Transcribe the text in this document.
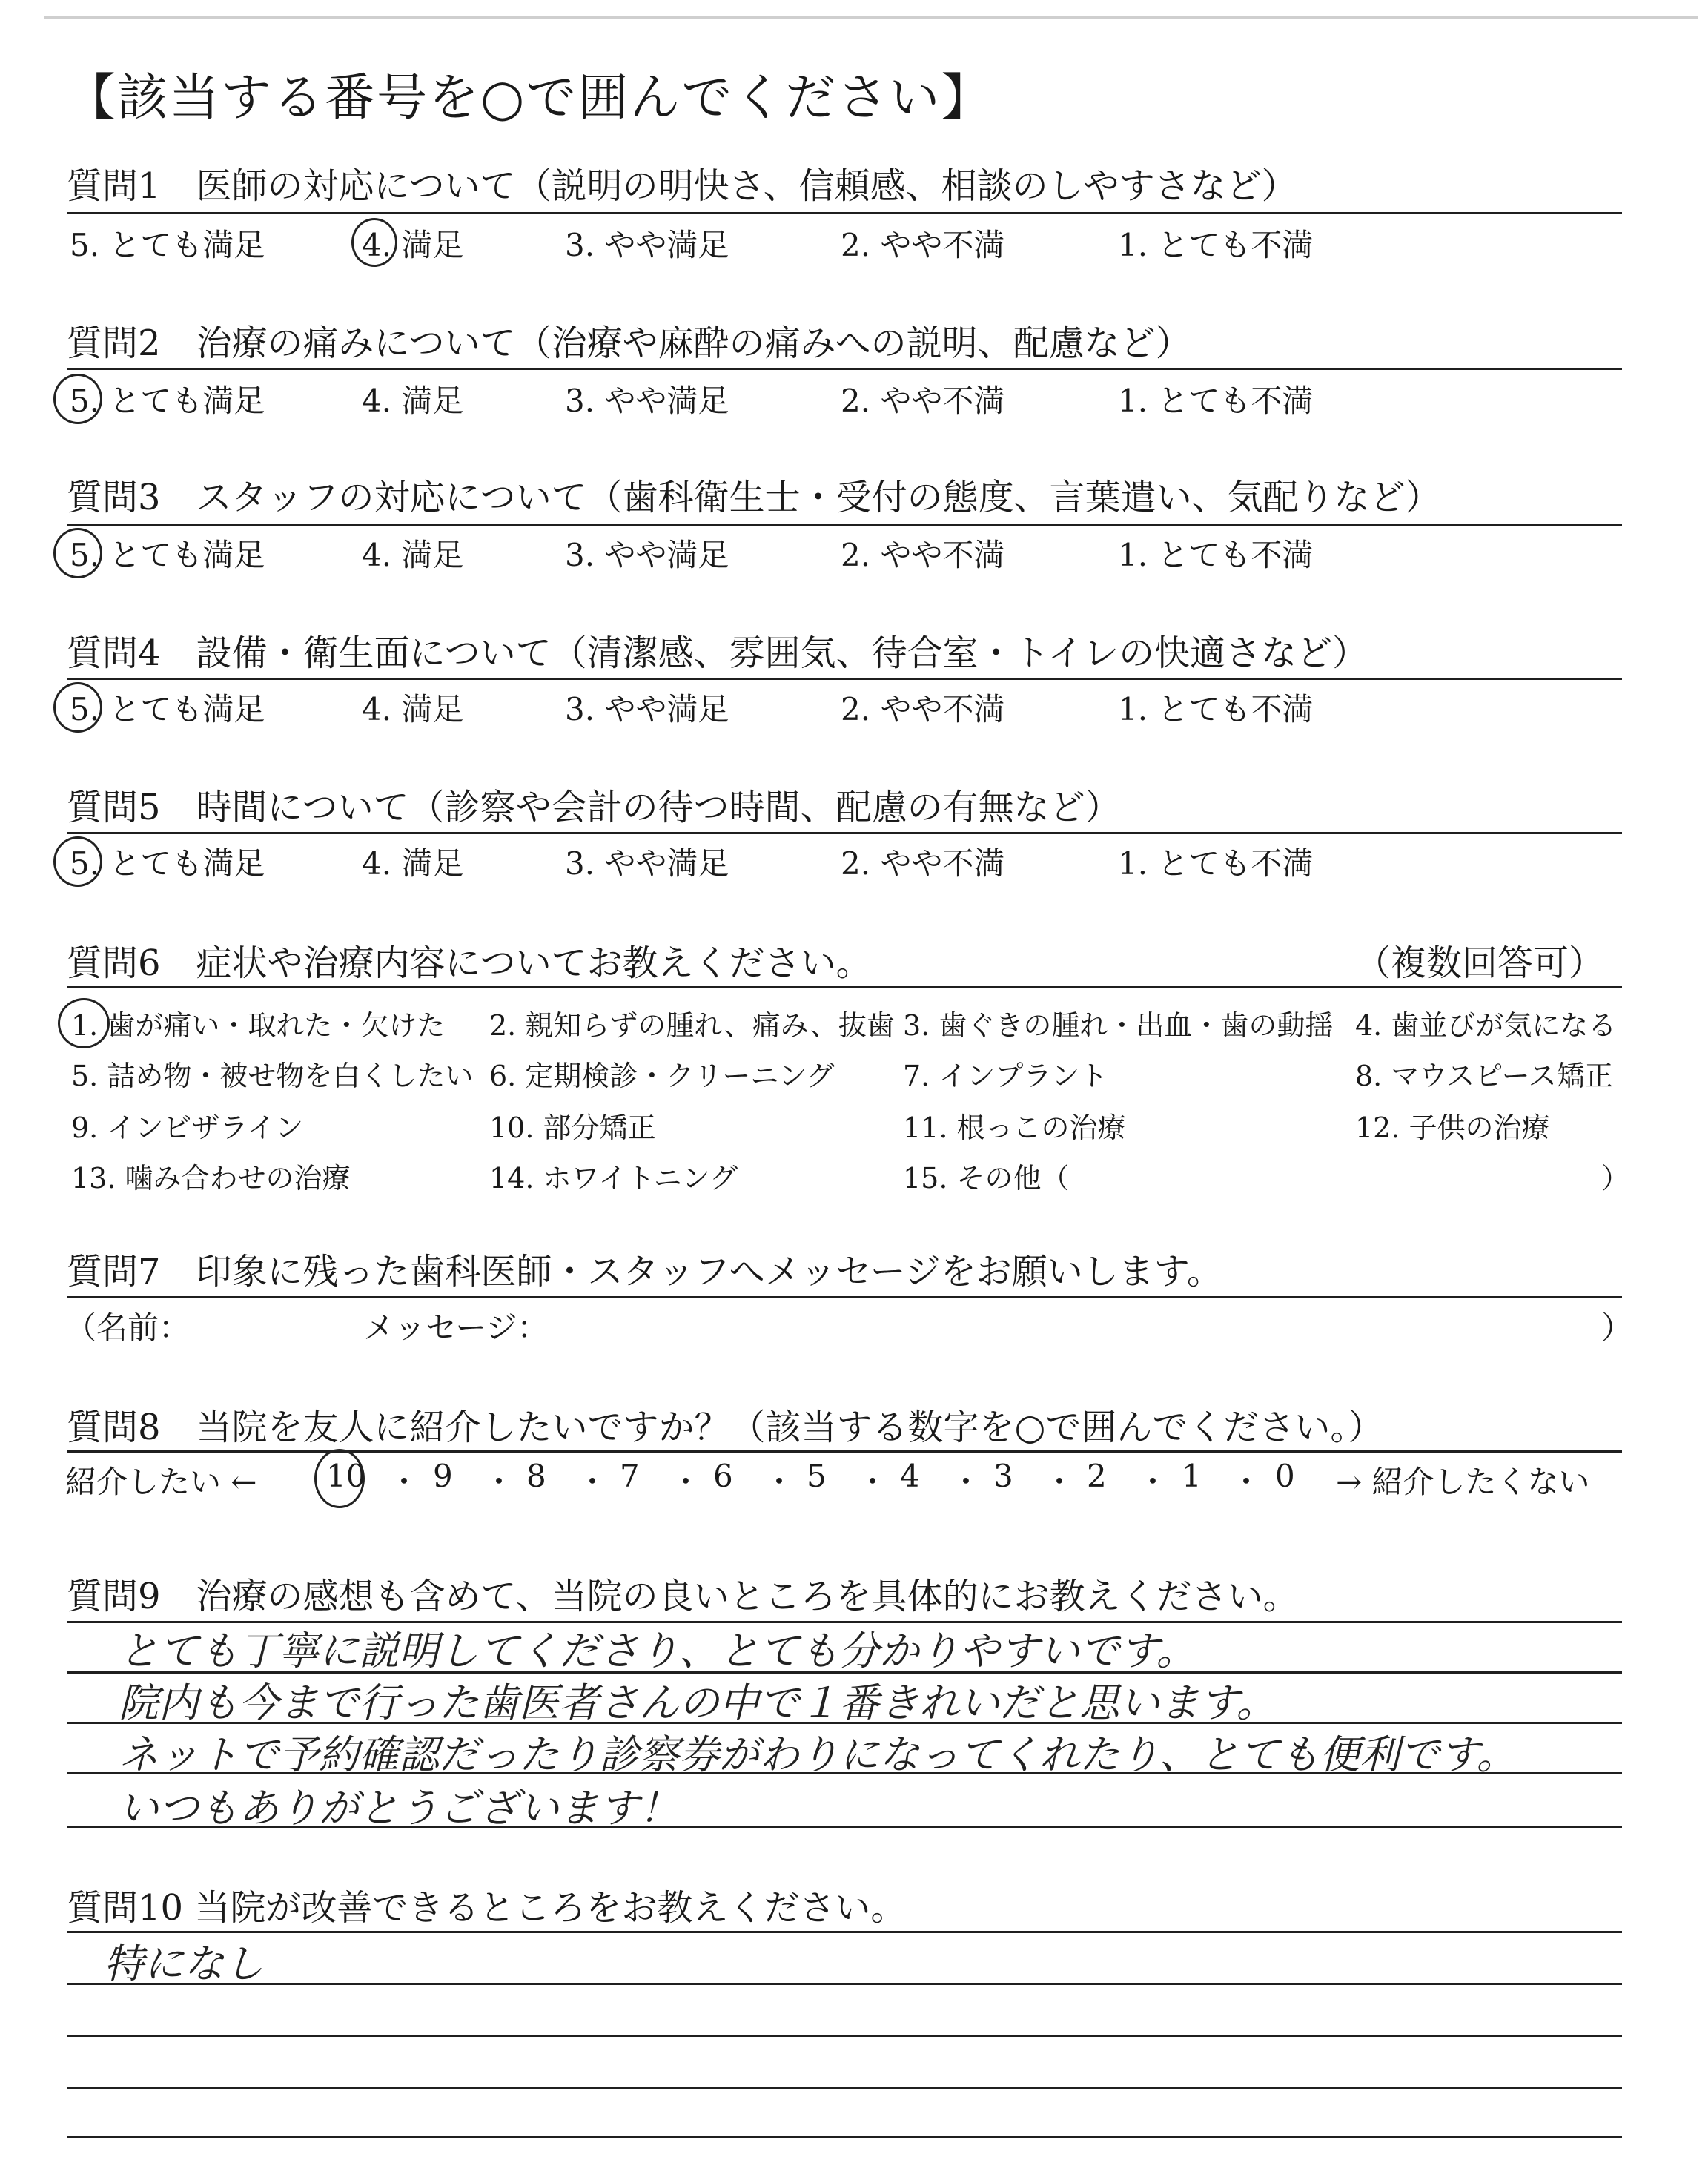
【該当する番号を○で囲んでください】
質問1　医師の対応について（説明の明快さ、信頼感、相談のしやすさなど）
5. とても満足	4. 満足	3. やや満足	2. やや不満	1. とても不満
質問2　治療の痛みについて（治療や麻酔の痛みへの説明、配慮など）
5. とても満足	4. 満足	3. やや満足	2. やや不満	1. とても不満
質問3　スタッフの対応について（歯科衛生士・受付の態度、言葉遣い、気配りなど）
5. とても満足	4. 満足	3. やや満足	2. やや不満	1. とても不満
質問4　設備・衛生面について（清潔感、雰囲気、待合室・トイレの快適さなど）
5. とても満足	4. 満足	3. やや満足	2. やや不満	1. とても不満
質問5　時間について（診察や会計の待つ時間、配慮の有無など）
5. とても満足	4. 満足	3. やや満足	2. やや不満	1. とても不満
質問6　症状や治療内容についてお教えください。	（複数回答可）
1. 歯が痛い・取れた・欠けた 2. 親知らずの腫れ、痛み、抜歯 3. 歯ぐきの腫れ・出血・歯の動揺 4. 歯並びが気になる
5. 詰め物・被せ物を白くしたい 6. 定期検診・クリーニング 7. インプラント	8. マウスピース矯正
9. インビザライン	10. 部分矯正	11. 根っこの治療	12. 子供の治療
13. 噛み合わせの治療	14. ホワイトニング	15. その他（	）
質問7　印象に残った歯科医師・スタッフへメッセージをお願いします。
（名前：	メッセージ：	）
質問8　当院を友人に紹介したいですか？（該当する数字を○で囲んでください。）
紹介したい ←	→ 紹介したくない
10 ・ 9 ・ 8 ・ 7 ・ 6 ・ 5 ・ 4 ・ 3 ・ 2 ・ 1 ・ 0
質問9　治療の感想も含めて、当院の良いところを具体的にお教えください。
とても丁寧に説明してくださり、とても分かりやすいです。
院内も今まで行った歯医者さんの中で１番きれいだと思います。
ネットで予約確認だったり診察券がわりになってくれたり、とても便利です。
いつもありがとうございます！
質問10 当院が改善できるところをお教えください。
特になし
